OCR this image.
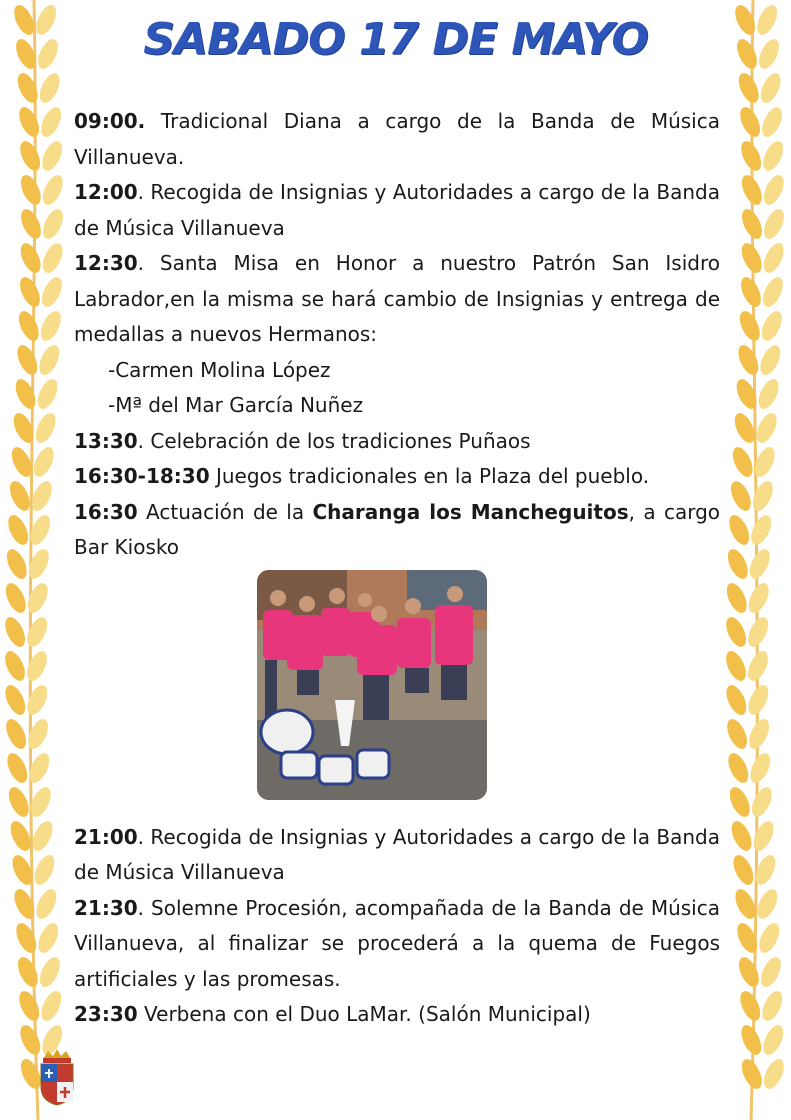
SABADO 17 DE MAYO

09:00. Tradicional Diana a cargo de la Banda de Música Villanueva.

12:00. Recogida de Insignias y Autoridades a cargo de la Banda de Música Villanueva

12:30. Santa Misa en Honor a nuestro Patrón San Isidro Labrador,en la misma se hará cambio de Insignias y entrega de medallas a nuevos Hermanos:

-Carmen Molina López

-Mª del Mar García Nuñez

13:30. Celebración de los tradiciones Puñaos

16:30-18:30 Juegos tradicionales en la Plaza del pueblo.

16:30 Actuación de la Charanga los Mancheguitos, a cargo Bar Kiosko

21:00. Recogida de Insignias y Autoridades a cargo de la Banda de Música Villanueva

21:30. Solemne Procesión, acompañada de la Banda de Música Villanueva, al finalizar se procederá a la quema de Fuegos artificiales y las promesas.

23:30 Verbena con el Duo LaMar. (Salón Municipal)
